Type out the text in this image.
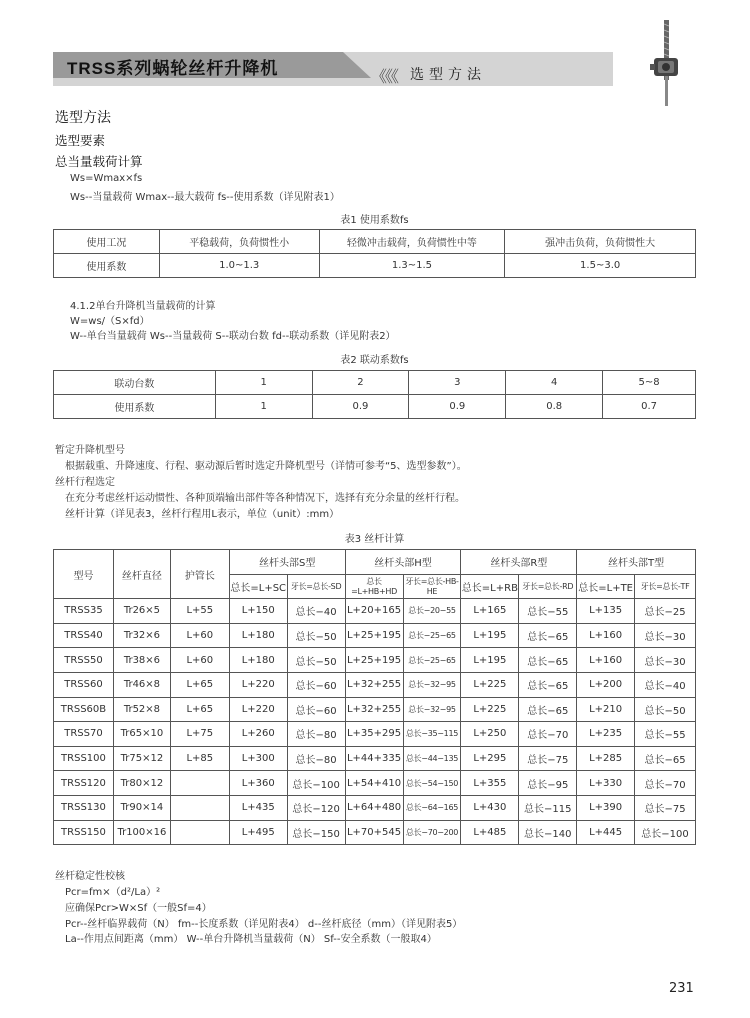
TRSS系列蜗轮丝杆升降机	《《《 选型方法
选型方法
选型要素
总当量载荷计算
Ws=Wmax×fs
Ws--当量载荷 Wmax--最大载荷 fs--使用系数（详见附表1）
表1 使用系数fs
使用工况	平稳载荷，负荷惯性小	轻微冲击载荷，负荷惯性中等	强冲击负荷，负荷惯性大
使用系数	1.0~1.3	1.3~1.5	1.5~3.0
4.1.2单台升降机当量载荷的计算
W=ws/（S×fd）
W--单台当量载荷 Ws--当量载荷 S--联动台数 fd--联动系数（详见附表2）
表2 联动系数fs
联动台数	1	2	3	4	5~8
使用系数	1	0.9	0.9	0.8	0.7
暂定升降机型号
根据载重、升降速度、行程、驱动源后暂时选定升降机型号（详情可参考“5、选型参数”）。
丝杆行程选定
在充分考虑丝杆运动惯性、各种顶端输出部件等各种情况下，选择有充分余量的丝杆行程。
丝杆计算（详见表3，丝杆行程用L表示，单位（unit）:mm）
表3 丝杆计算
型号	丝杆直径	护管长	丝杆头部S型		丝杆头部H型		丝杆头部R型		丝杆头部T型	
			总长=L+SC	牙长=总长-SD	总长=L+HB+HD	牙长=总长-HB-HE	总长=L+RB	牙长=总长-RD	总长=L+TE	牙长=总长-TF
TRSS35	Tr26×5	L+55	L+150	总长−40	L+20+165	总长−20−55	L+165	总长−55	L+135	总长−25
TRSS40	Tr32×6	L+60	L+180	总长−50	L+25+195	总长−25−65	L+195	总长−65	L+160	总长−30
TRSS50	Tr38×6	L+60	L+180	总长−50	L+25+195	总长−25−65	L+195	总长−65	L+160	总长−30
TRSS60	Tr46×8	L+65	L+220	总长−60	L+32+255	总长−32−95	L+225	总长−65	L+200	总长−40
TRSS60B	Tr52×8	L+65	L+220	总长−60	L+32+255	总长−32−95	L+225	总长−65	L+210	总长−50
TRSS70	Tr65×10	L+75	L+260	总长−80	L+35+295	总长−35−115	L+250	总长−70	L+235	总长−55
TRSS100	Tr75×12	L+85	L+300	总长−80	L+44+335	总长−44−135	L+295	总长−75	L+285	总长−65
TRSS120	Tr80×12		L+360	总长−100	L+54+410	总长−54−150	L+355	总长−95	L+330	总长−70
TRSS130	Tr90×14		L+435	总长−120	L+64+480	总长−64−165	L+430	总长−115	L+390	总长−75
TRSS150	Tr100×16		L+495	总长−150	L+70+545	总长−70−200	L+485	总长−140	L+445	总长−100
丝杆稳定性校核
Pcr=fm×（d²/La）²
应确保Pcr>W×Sf（一般Sf=4）
Pcr--丝杆临界载荷（N） fm--长度系数（详见附表4） d--丝杆底径（mm）（详见附表5）
La--作用点间距离（mm） W--单台升降机当量载荷（N） Sf--安全系数（一般取4）
231
